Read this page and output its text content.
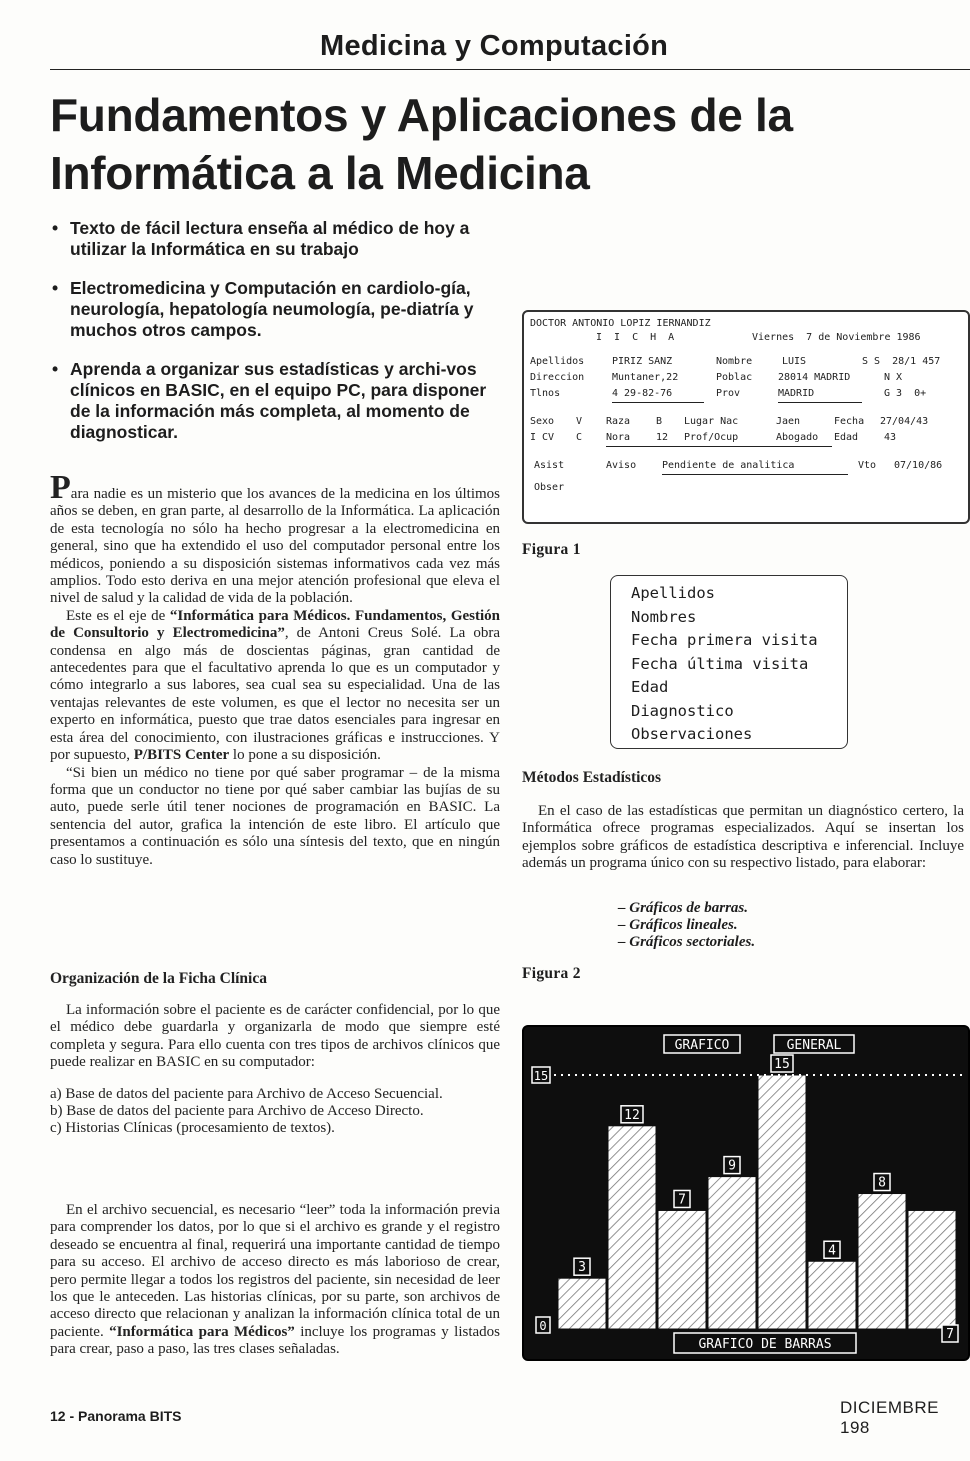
Medicina y Computación
Fundamentos y Aplicaciones de la
Informática a la Medicina
• Texto de fácil lectura enseña al médico de hoy a utilizar la Informática en su trabajo
• Electromedicina y Computación en cardiolo-gía, neurología, hepatología neumología, pe-diatría y muchos otros campos.
• Aprenda a organizar sus estadísticas y archi-vos clínicos en BASIC, en el equipo PC, para disponer de la información más completa, al momento de diagnosticar.

Para nadie es un misterio que los avances de la medicina en los últimos años se deben, en gran parte, al desarrollo de la Informática. La aplicación de esta tecnología no sólo ha hecho progresar a la electromedicina en general, sino que ha extendido el uso del computador personal entre los médicos, poniendo a su disposición sistemas informativos cada vez más amplios. Todo esto deriva en una mejor atención profesional que eleva el nivel de salud y la calidad de vida de la población.

Este es el eje de “Informática para Médicos. Fundamentos, Gestión de Consultorio y Electromedicina”, de Antoni Creus Solé. La obra condensa en algo más de doscientas páginas, gran cantidad de antecedentes para que el facultativo aprenda lo que es un computador y cómo integrarlo a sus labores, sea cual sea su especialidad. Una de las ventajas relevantes de este volumen, es que el lector no necesita ser un experto en informática, puesto que trae datos esenciales para ingresar en esta área del conocimiento, con ilustraciones gráficas e instrucciones. Y por supuesto, P/BITS Center lo pone a su disposición.

“Si bien un médico no tiene por qué saber programar – de la misma forma que un conductor no tiene por qué saber cambiar las bujías de su auto, puede serle útil tener nociones de programación en BASIC. La sentencia del autor, grafica la intención de este libro. El artículo que presentamos a continuación es sólo una síntesis del texto, que en ningún caso lo sustituye.

Organización de la Ficha Clínica

La información sobre el paciente es de carácter confidencial, por lo que el médico debe guardarla y organizarla de modo que siempre esté completa y segura. Para ello cuenta con tres tipos de archivos clínicos que puede realizar en BASIC en su computador:

a) Base de datos del paciente para Archivo de Acceso Secuencial.
b) Base de datos del paciente para Archivo de Acceso Directo.
c) Historias Clínicas (procesamiento de textos).

En el archivo secuencial, es necesario “leer” toda la información previa para comprender los datos, por lo que si el archivo es grande y el registro deseado se encuentra al final, requerirá una importante cantidad de tiempo para su acceso. El archivo de acceso directo es más laborioso de crear, pero permite llegar a todos los registros del paciente, sin necesidad de leer los que le anteceden. Las historias clínicas, por su parte, son archivos de acceso directo que relacionan y analizan la información clínica total de un paciente. “Informática para Médicos” incluye los programas y listados para crear, paso a paso, las tres clases señaladas.

DOCTOR ANTONIO LOPIZ IERNANDIZ
I I C H A	Viernes  7 de Noviembre 1986
Apellidos	PIRIZ SANZ	Nombre	LUIS	S S  28/1 457
Direccion	Muntaner,22	Poblac	28014 MADRID	N X
Tlnos	4 29-82-76	Prov	MADRID	G 3  0+
Sexo V Raza	B Lugar Nac	Jaen	Fecha 27/04/43
I CV C Nora	12 Prof/Ocup	Abogado Edad	43
Asist	Aviso	Pendiente de analitica	Vto 07/10/86
Obser
Figura 1
Apellidos
Nombres
Fecha primera visita
Fecha última visita
Edad
Diagnostico
Observaciones
Métodos Estadísticos

En el caso de las estadísticas que permitan un diagnóstico certero, la Informática ofrece programas especializados. Aquí se insertan los ejemplos sobre gráficos de estadística descriptiva e inferencial. Incluye además un programa único con su respectivo listado, para elaborar:

– Gráficos de barras.
– Gráficos lineales.
– Gráficos sectoriales.
Figura 2
3
12
7
9
15
4
8
7
GRAFICO	GENERAL
15
0
GRAFICO DE BARRAS
12 - Panorama BITS	DICIEMBRE 198
